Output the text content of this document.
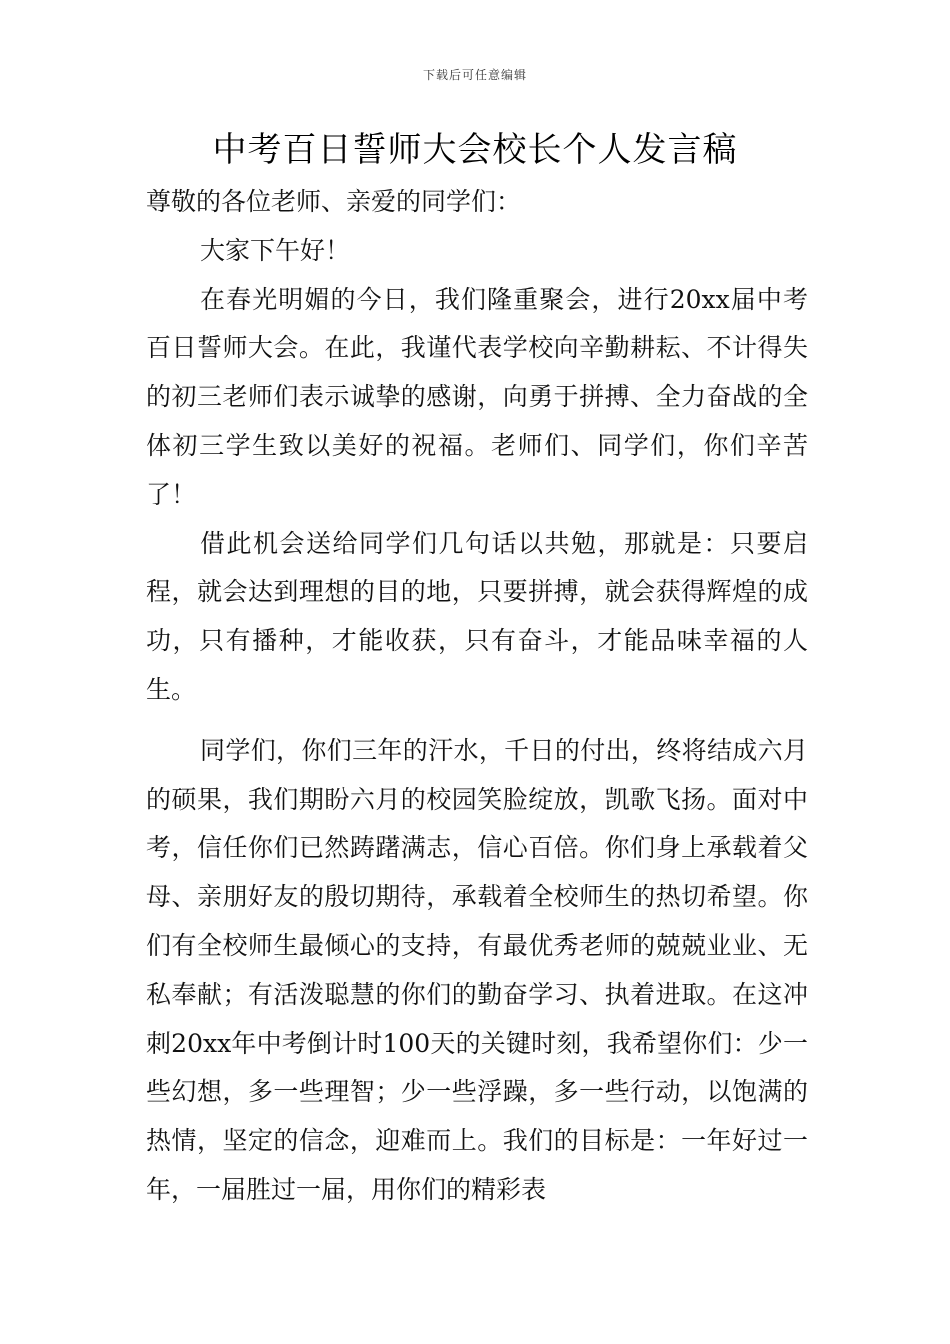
下载后可任意编辑
中考百日誓师大会校长个人发言稿

尊敬的各位老师、亲爱的同学们：

大家下午好！

在春光明媚的今日，我们隆重聚会，进行20xx届中考百日誓师大会。在此，我谨代表学校向辛勤耕耘、不计得失的初三老师们表示诚挚的感谢，向勇于拼搏、全力奋战的全体初三学生致以美好的祝福。老师们、同学们，你们辛苦了！

借此机会送给同学们几句话以共勉，那就是：只要启程，就会达到理想的目的地，只要拼搏，就会获得辉煌的成功，只有播种，才能收获，只有奋斗，才能品味幸福的人生。

同学们，你们三年的汗水，千日的付出，终将结成六月的硕果，我们期盼六月的校园笑脸绽放，凯歌飞扬。面对中考，信任你们已然踌躇满志，信心百倍。你们身上承载着父母、亲朋好友的殷切期待，承载着全校师生的热切希望。你们有全校师生最倾心的支持，有最优秀老师的兢兢业业、无私奉献；有活泼聪慧的你们的勤奋学习、执着进取。在这冲刺20xx年中考倒计时100天的关键时刻，我希望你们：少一些幻想，多一些理智；少一些浮躁，多一些行动，以饱满的热情，坚定的信念，迎难而上。我们的目标是：一年好过一年，一届胜过一届，用你们的精彩表
